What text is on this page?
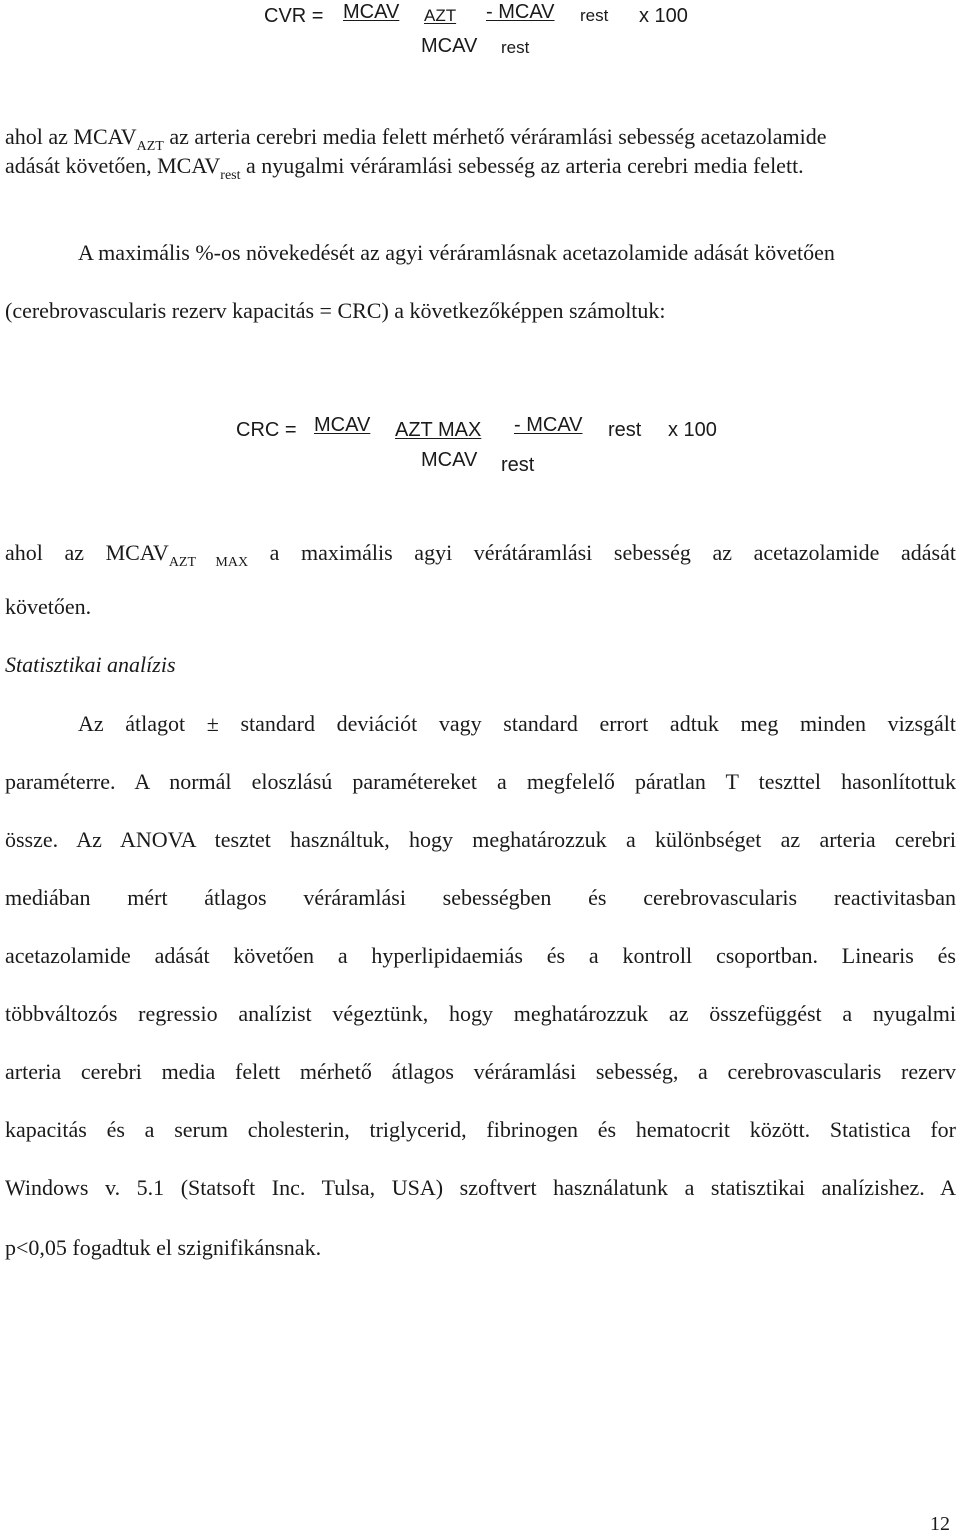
CVR = MCAV AZT - MCAV rest x 100
MCAV rest
ahol az $MCAV_{AZT}$ az arteria cerebri media felett mérhető véráramlási sebesség acetazolamide
adását követően, $MCAV_{rest}$ a nyugalmi véráramlási sebesség az arteria cerebri media felett.
A maximális %-os növekedését az agyi véráramlásnak acetazolamide adását követően
(cerebrovascularis rezerv kapacitás = CRC) a következőképpen számoltuk:
CRC = MCAV AZT MAX - MCAV rest x 100
MCAV rest
ahol az $MCAV_{AZT MAX}$ a maximális agyi vérátáramlási sebesség az acetazolamide adását
követően.
Statisztikai analízis
Az átlagot ± standard deviációt vagy standard errort adtuk meg minden vizsgált
paraméterre. A normál eloszlású paramétereket a megfelelő páratlan T teszttel hasonlítottuk
össze. Az ANOVA tesztet használtuk, hogy meghatározzuk a különbséget az arteria cerebri
mediában mért átlagos véráramlási sebességben és cerebrovascularis reactivitasban
acetazolamide adását követően a hyperlipidaemiás és a kontroll csoportban. Linearis és
többváltozós regressio analízist végeztünk, hogy meghatározzuk az összefüggést a nyugalmi
arteria cerebri media felett mérhető átlagos véráramlási sebesség, a cerebrovascularis rezerv
kapacitás és a serum cholesterin, triglycerid, fibrinogen és hematocrit között. Statistica for
Windows v. 5.1 (Statsoft Inc. Tulsa, USA) szoftvert használatunk a statisztikai analízishez. A
p<0,05 fogadtuk el szignifikánsnak.
12
